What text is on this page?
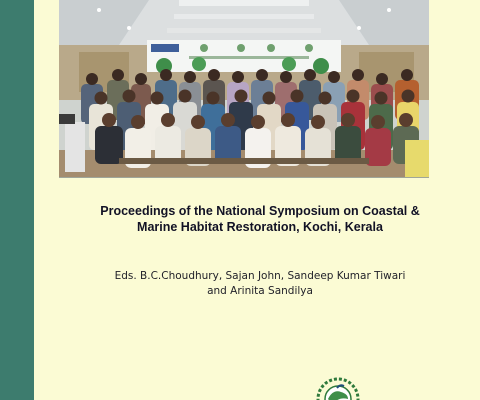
Proceedings of the National Symposium on Coastal &
Marine Habitat Restoration, Kochi, Kerala
Eds. B.C.Choudhury, Sajan John, Sandeep Kumar Tiwari
and Arinita Sandilya
